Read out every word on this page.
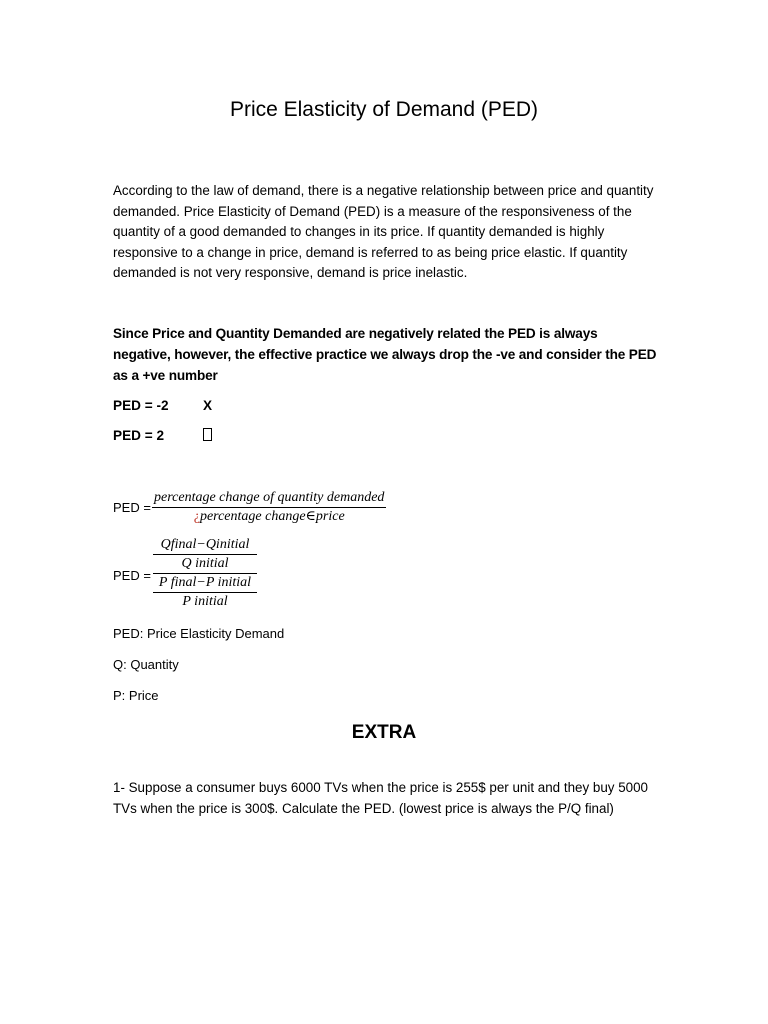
Price Elasticity of Demand (PED)
According to the law of demand, there is a negative relationship between price and quantity demanded. Price Elasticity of Demand (PED) is a measure of the responsiveness of the quantity of a good demanded to changes in its price. If quantity demanded is highly responsive to a change in price, demand is referred to as being price elastic. If quantity demanded is not very responsive, demand is price inelastic.
Since Price and Quantity Demanded are negatively related the PED is always negative, however, the effective practice we always drop the -ve and consider the PED as a +ve number
PED = -2	X
PED = 2
PED =
percentage change of quantity demanded
¿percentage change∈price
PED =
Qfinal−Qinitial
Q initial
P final−P initial
P initial
PED: Price Elasticity Demand
Q: Quantity
P: Price
EXTRA
1- Suppose a consumer buys 6000 TVs when the price is 255$ per unit and they buy 5000 TVs when the price is 300$. Calculate the PED. (lowest price is always the P/Q final)
